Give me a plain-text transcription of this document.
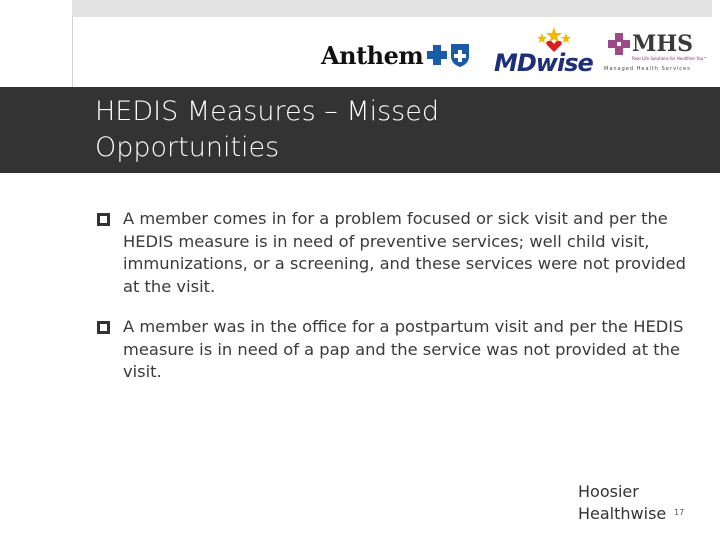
Anthem	MDwise
MHS
Real Life Solutions for Healthier You™
Managed Health Services
HEDIS Measures – Missed Opportunities
A member comes in for a problem focused or sick visit and per the HEDIS measure is in need of preventive services; well child visit, immunizations, or a screening, and these services were not provided at the visit.
A member was in the office for a postpartum visit and per the HEDIS measure is in need of a pap and the service was not provided at the visit.
Hoosier Healthwise 17
